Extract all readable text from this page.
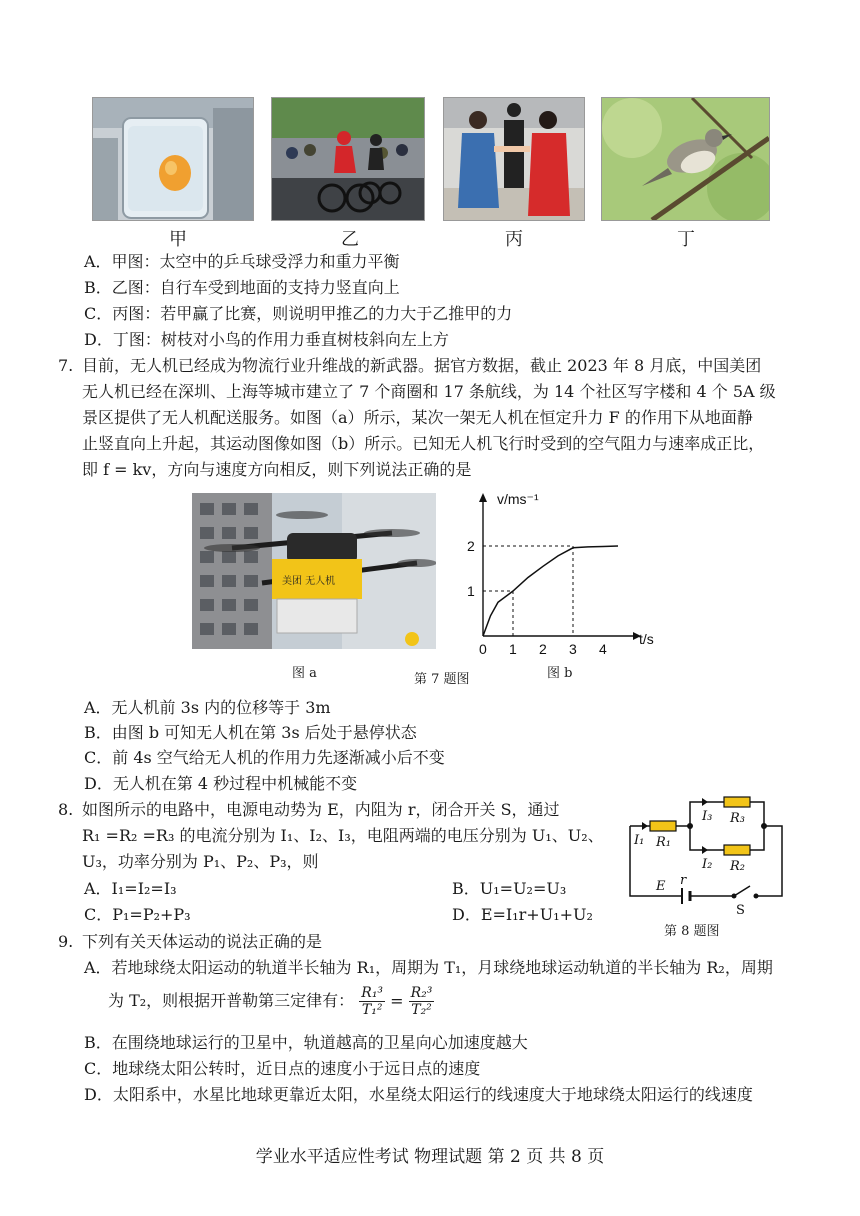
甲	乙	丙	丁
A．甲图：太空中的乒乓球受浮力和重力平衡
B．乙图：自行车受到地面的支持力竖直向上
C．丙图：若甲赢了比赛，则说明甲推乙的力大于乙推甲的力
D．丁图：树枝对小鸟的作用力垂直树枝斜向左上方
7. 目前，无人机已经成为物流行业升维战的新武器。据官方数据，截止 2023 年 8 月底，中国美团
无人机已经在深圳、上海等城市建立了 7 个商圈和 17 条航线，为 14 个社区写字楼和 4 个 5A 级
景区提供了无人机配送服务。如图（a）所示，某次一架无人机在恒定升力 F 的作用下从地面静
止竖直向上升起，其运动图像如图（b）所示。已知无人机飞行时受到的空气阻力与速率成正比，
即 f = kv，方向与速度方向相反，则下列说法正确的是
美团 无人机
0 1 2 3 4
1
2
v/ms⁻¹
t/s
图 a	第 7 题图	图 b
A．无人机前 3s 内的位移等于 3m
B．由图 b 可知无人机在第 3s 后处于悬停状态
C．前 4s 空气给无人机的作用力先逐渐减小后不变
D．无人机在第 4 秒过程中机械能不变
8. 如图所示的电路中，电源电动势为 E，内阻为 r，闭合开关 S，通过
R₁ =R₂ =R₃ 的电流分别为 I₁、I₂、I₃，电阻两端的电压分别为 U₁、U₂、
U₃，功率分别为 P₁、P₂、P₃，则
A．I₁=I₂=I₃	B．U₁=U₂=U₃
C．P₁=P₂+P₃	D．E=I₁r+U₁+U₂
I₁ R₁
I₃ R₃
I₂ R₂
E r
S
第 8 题图
9. 下列有关天体运动的说法正确的是
A．若地球绕太阳运动的轨道半长轴为 R₁，周期为 T₁，月球绕地球运动轨道的半长轴为 R₂，周期
为 T₂，则根据开普勒第三定律有： $\frac{\text{R₁³}}{\text{T₁²}} = \frac{\text{R₂³}}{\text{T₂²}}$
B．在围绕地球运行的卫星中，轨道越高的卫星向心加速度越大
C．地球绕太阳公转时，近日点的速度小于远日点的速度
D．太阳系中，水星比地球更靠近太阳，水星绕太阳运行的线速度大于地球绕太阳运行的线速度
学业水平适应性考试 物理试题 第 2 页 共 8 页
